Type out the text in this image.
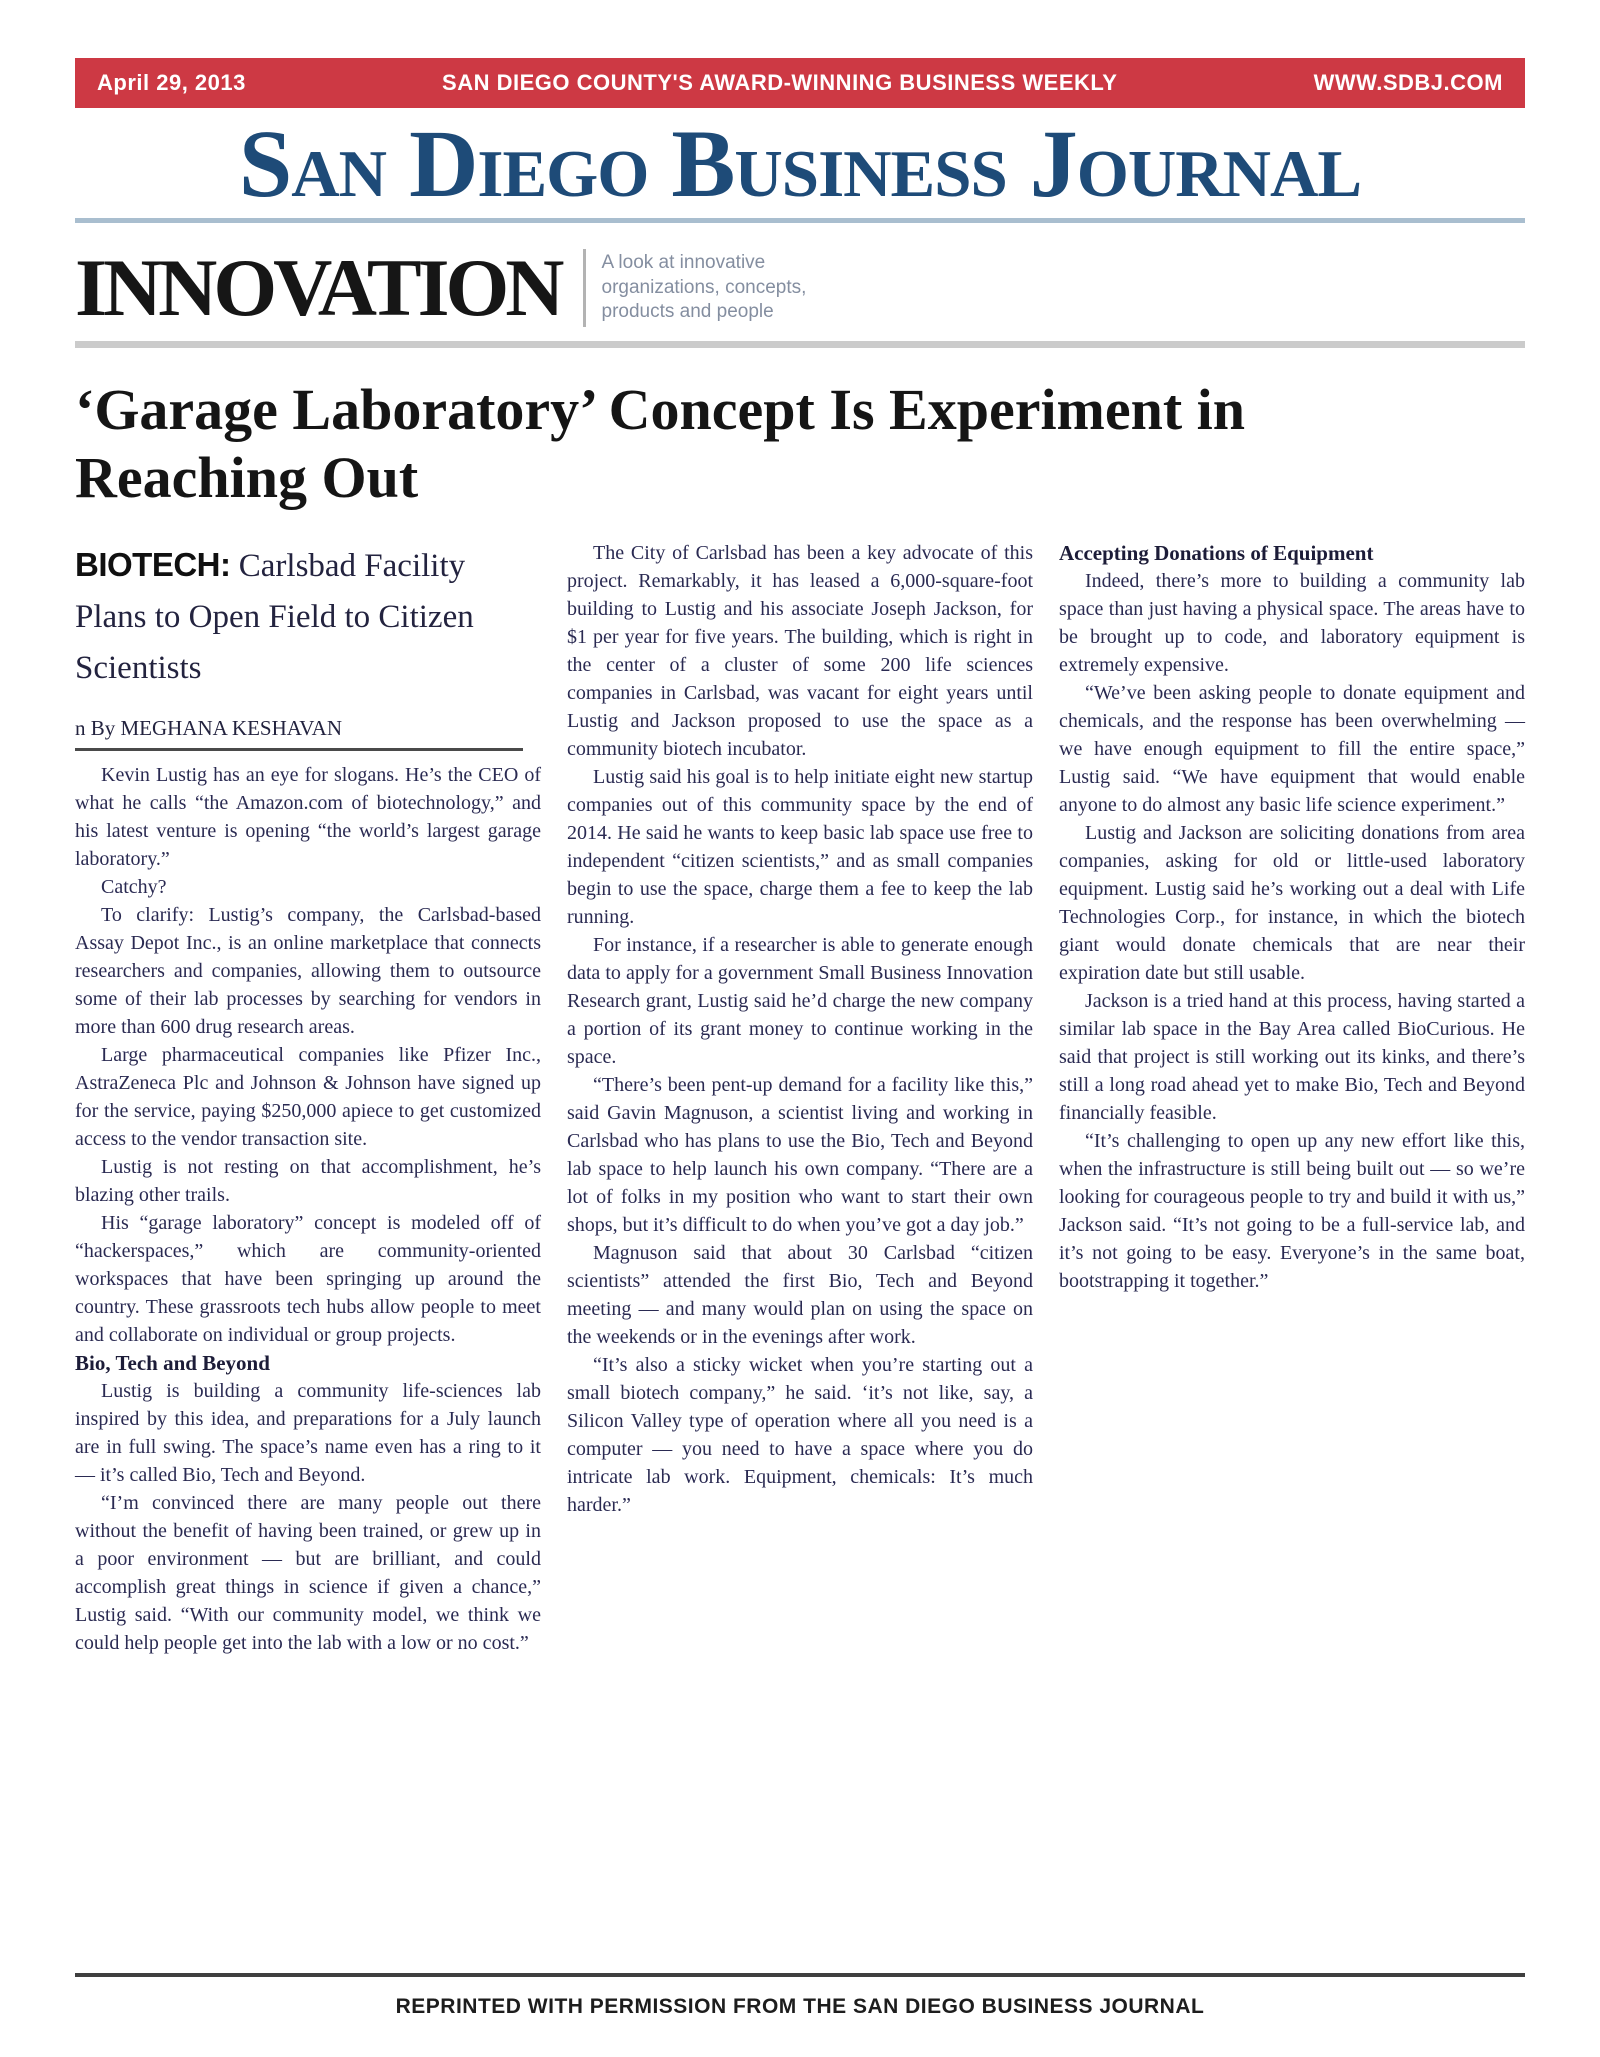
April 29, 2013	SAN DIEGO COUNTY'S AWARD-WINNING BUSINESS WEEKLY	WWW.SDBJ.COM
San Diego Business Journal
INNOVATION A look at innovative organizations, concepts, products and people
‘Garage Laboratory’ Concept Is Experiment in Reaching Out
BIOTECH: Carlsbad Facility Plans to Open Field to Citizen Scientists
n By MEGHANA KESHAVAN

Kevin Lustig has an eye for slogans. He’s the CEO of what he calls “the Amazon.com of biotechnology,” and his latest venture is opening “the world’s largest garage laboratory.”

Catchy?

To clarify: Lustig’s company, the Carlsbad-based Assay Depot Inc., is an online marketplace that connects researchers and companies, allowing them to outsource some of their lab processes by searching for vendors in more than 600 drug research areas.

Large pharmaceutical companies like Pfizer Inc., AstraZeneca Plc and Johnson & Johnson have signed up for the service, paying $250,000 apiece to get customized access to the vendor transaction site.

Lustig is not resting on that accomplishment, he’s blazing other trails.

His “garage laboratory” concept is modeled off of “hackerspaces,” which are community-oriented workspaces that have been springing up around the country. These grassroots tech hubs allow people to meet and collaborate on individual or group projects.

Bio, Tech and Beyond

Lustig is building a community life-sciences lab inspired by this idea, and preparations for a July launch are in full swing. The space’s name even has a ring to it — it’s called Bio, Tech and Beyond.

“I’m convinced there are many people out there without the benefit of having been trained, or grew up in a poor environment — but are brilliant, and could accomplish great things in science if given a chance,” Lustig said. “With our community model, we think we could help people get into the lab with a low or no cost.”

The City of Carlsbad has been a key advocate of this project. Remarkably, it has leased a 6,000-square-foot building to Lustig and his associate Joseph Jackson, for $1 per year for five years. The building, which is right in the center of a cluster of some 200 life sciences companies in Carlsbad, was vacant for eight years until Lustig and Jackson proposed to use the space as a community biotech incubator.

Lustig said his goal is to help initiate eight new startup companies out of this community space by the end of 2014. He said he wants to keep basic lab space use free to independent “citizen scientists,” and as small companies begin to use the space, charge them a fee to keep the lab running.

For instance, if a researcher is able to generate enough data to apply for a government Small Business Innovation Research grant, Lustig said he’d charge the new company a portion of its grant money to continue working in the space.

“There’s been pent-up demand for a facility like this,” said Gavin Magnuson, a scientist living and working in Carlsbad who has plans to use the Bio, Tech and Beyond lab space to help launch his own company. “There are a lot of folks in my position who want to start their own shops, but it’s difficult to do when you’ve got a day job.”

Magnuson said that about 30 Carlsbad “citizen scientists” attended the first Bio, Tech and Beyond meeting — and many would plan on using the space on the weekends or in the evenings after work.

“It’s also a sticky wicket when you’re starting out a small biotech company,” he said. ‘it’s not like, say, a Silicon Valley type of operation where all you need is a computer — you need to have a space where you do intricate lab work. Equipment, chemicals: It’s much harder.”

Accepting Donations of Equipment

Indeed, there’s more to building a community lab space than just having a physical space. The areas have to be brought up to code, and laboratory equipment is extremely expensive.

“We’ve been asking people to donate equipment and chemicals, and the response has been overwhelming — we have enough equipment to fill the entire space,” Lustig said. “We have equipment that would enable anyone to do almost any basic life science experiment.”

Lustig and Jackson are soliciting donations from area companies, asking for old or little-used laboratory equipment. Lustig said he’s working out a deal with Life Technologies Corp., for instance, in which the biotech giant would donate chemicals that are near their expiration date but still usable.

Jackson is a tried hand at this process, having started a similar lab space in the Bay Area called BioCurious. He said that project is still working out its kinks, and there’s still a long road ahead yet to make Bio, Tech and Beyond financially feasible.

“It’s challenging to open up any new effort like this, when the infrastructure is still being built out — so we’re looking for courageous people to try and build it with us,” Jackson said. “It’s not going to be a full-service lab, and it’s not going to be easy. Everyone’s in the same boat, bootstrapping it together.”

REPRINTED WITH PERMISSION FROM THE SAN DIEGO BUSINESS JOURNAL
